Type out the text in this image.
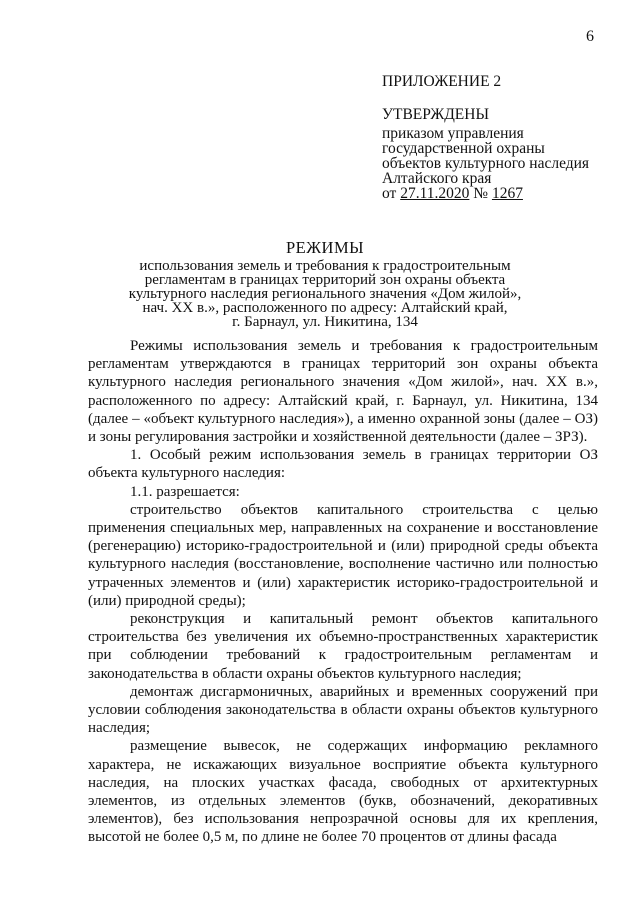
6
ПРИЛОЖЕНИЕ 2
УТВЕРЖДЕНЫ
приказом управления
государственной охраны
объектов культурного наследия
Алтайского края
от 27.11.2020 № 1267
РЕЖИМЫ
использования земель и требования к градостроительным
регламентам в границах территорий зон охраны объекта
культурного наследия регионального значения «Дом жилой»,
нач. XX в.», расположенного по адресу: Алтайский край,
г. Барнаул, ул. Никитина, 134

Режимы использования земель и требования к градостроительным регламентам утверждаются в границах территорий зон охраны объекта культурного наследия регионального значения «Дом жилой», нач. XX в.», расположенного по адресу: Алтайский край, г. Барнаул, ул. Никитина, 134 (далее – «объект культурного наследия»), а именно охранной зоны (далее – ОЗ) и зоны регулирования застройки и хозяйственной деятельности (далее – ЗРЗ).

1. Особый режим использования земель в границах территории ОЗ объекта культурного наследия:

1.1. разрешается:

строительство объектов капитального строительства с целью применения специальных мер, направленных на сохранение и восстановление (регенерацию) историко-градостроительной и (или) природной среды объекта культурного наследия (восстановление, восполнение частично или полностью утраченных элементов и (или) характеристик историко-градостроительной и (или) природной среды);

реконструкция и капитальный ремонт объектов капитального строительства без увеличения их объемно-пространственных характеристик при соблюдении требований к градостроительным регламентам и законодательства в области охраны объектов культурного наследия;

демонтаж дисгармоничных, аварийных и временных сооружений при условии соблюдения законодательства в области охраны объектов культурного наследия;

размещение вывесок, не содержащих информацию рекламного характера, не искажающих визуальное восприятие объекта культурного наследия, на плоских участках фасада, свободных от архитектурных элементов, из отдельных элементов (букв, обозначений, декоративных элементов), без использования непрозрачной основы для их крепления, высотой не более 0,5 м, по длине не более 70 процентов от длины фасада
